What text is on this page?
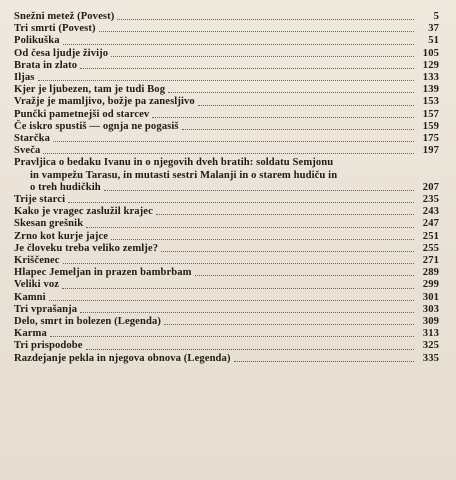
Snežni metež (Povest)	5
Tri smrti (Povest)	37
Polikuška	51
Od česa ljudje živijo	105
Brata in zlato	129
Iljas	133
Kjer je ljubezen, tam je tudi Bog	139
Vražje je mamljivo, božje pa zanesljivo	153
Punčki pametnejši od starcev	157
Če iskro spustiš — ognja ne pogasiš	159
Starčka	175
Sveča	197
Pravljica o bedaku Ivanu in o njegovih dveh bratih: soldatu Semjonu
in vampežu Tarasu, in mutasti sestri Malanji in o starem hudiču in
o treh hudičkih	207
Trije starci	235
Kako je vragec zaslužil krajec	243
Skesan grešnik	247
Zrno kot kurje jajce	251
Je človeku treba veliko zemlje?	255
Kriščenec	271
Hlapec Jemeljan in prazen bambrbam	289
Veliki voz	299
Kamni	301
Tri vprašanja	303
Delo, smrt in bolezen (Legenda)	309
Karma	313
Tri prispodobe	325
Razdejanje pekla in njegova obnova (Legenda)	335
